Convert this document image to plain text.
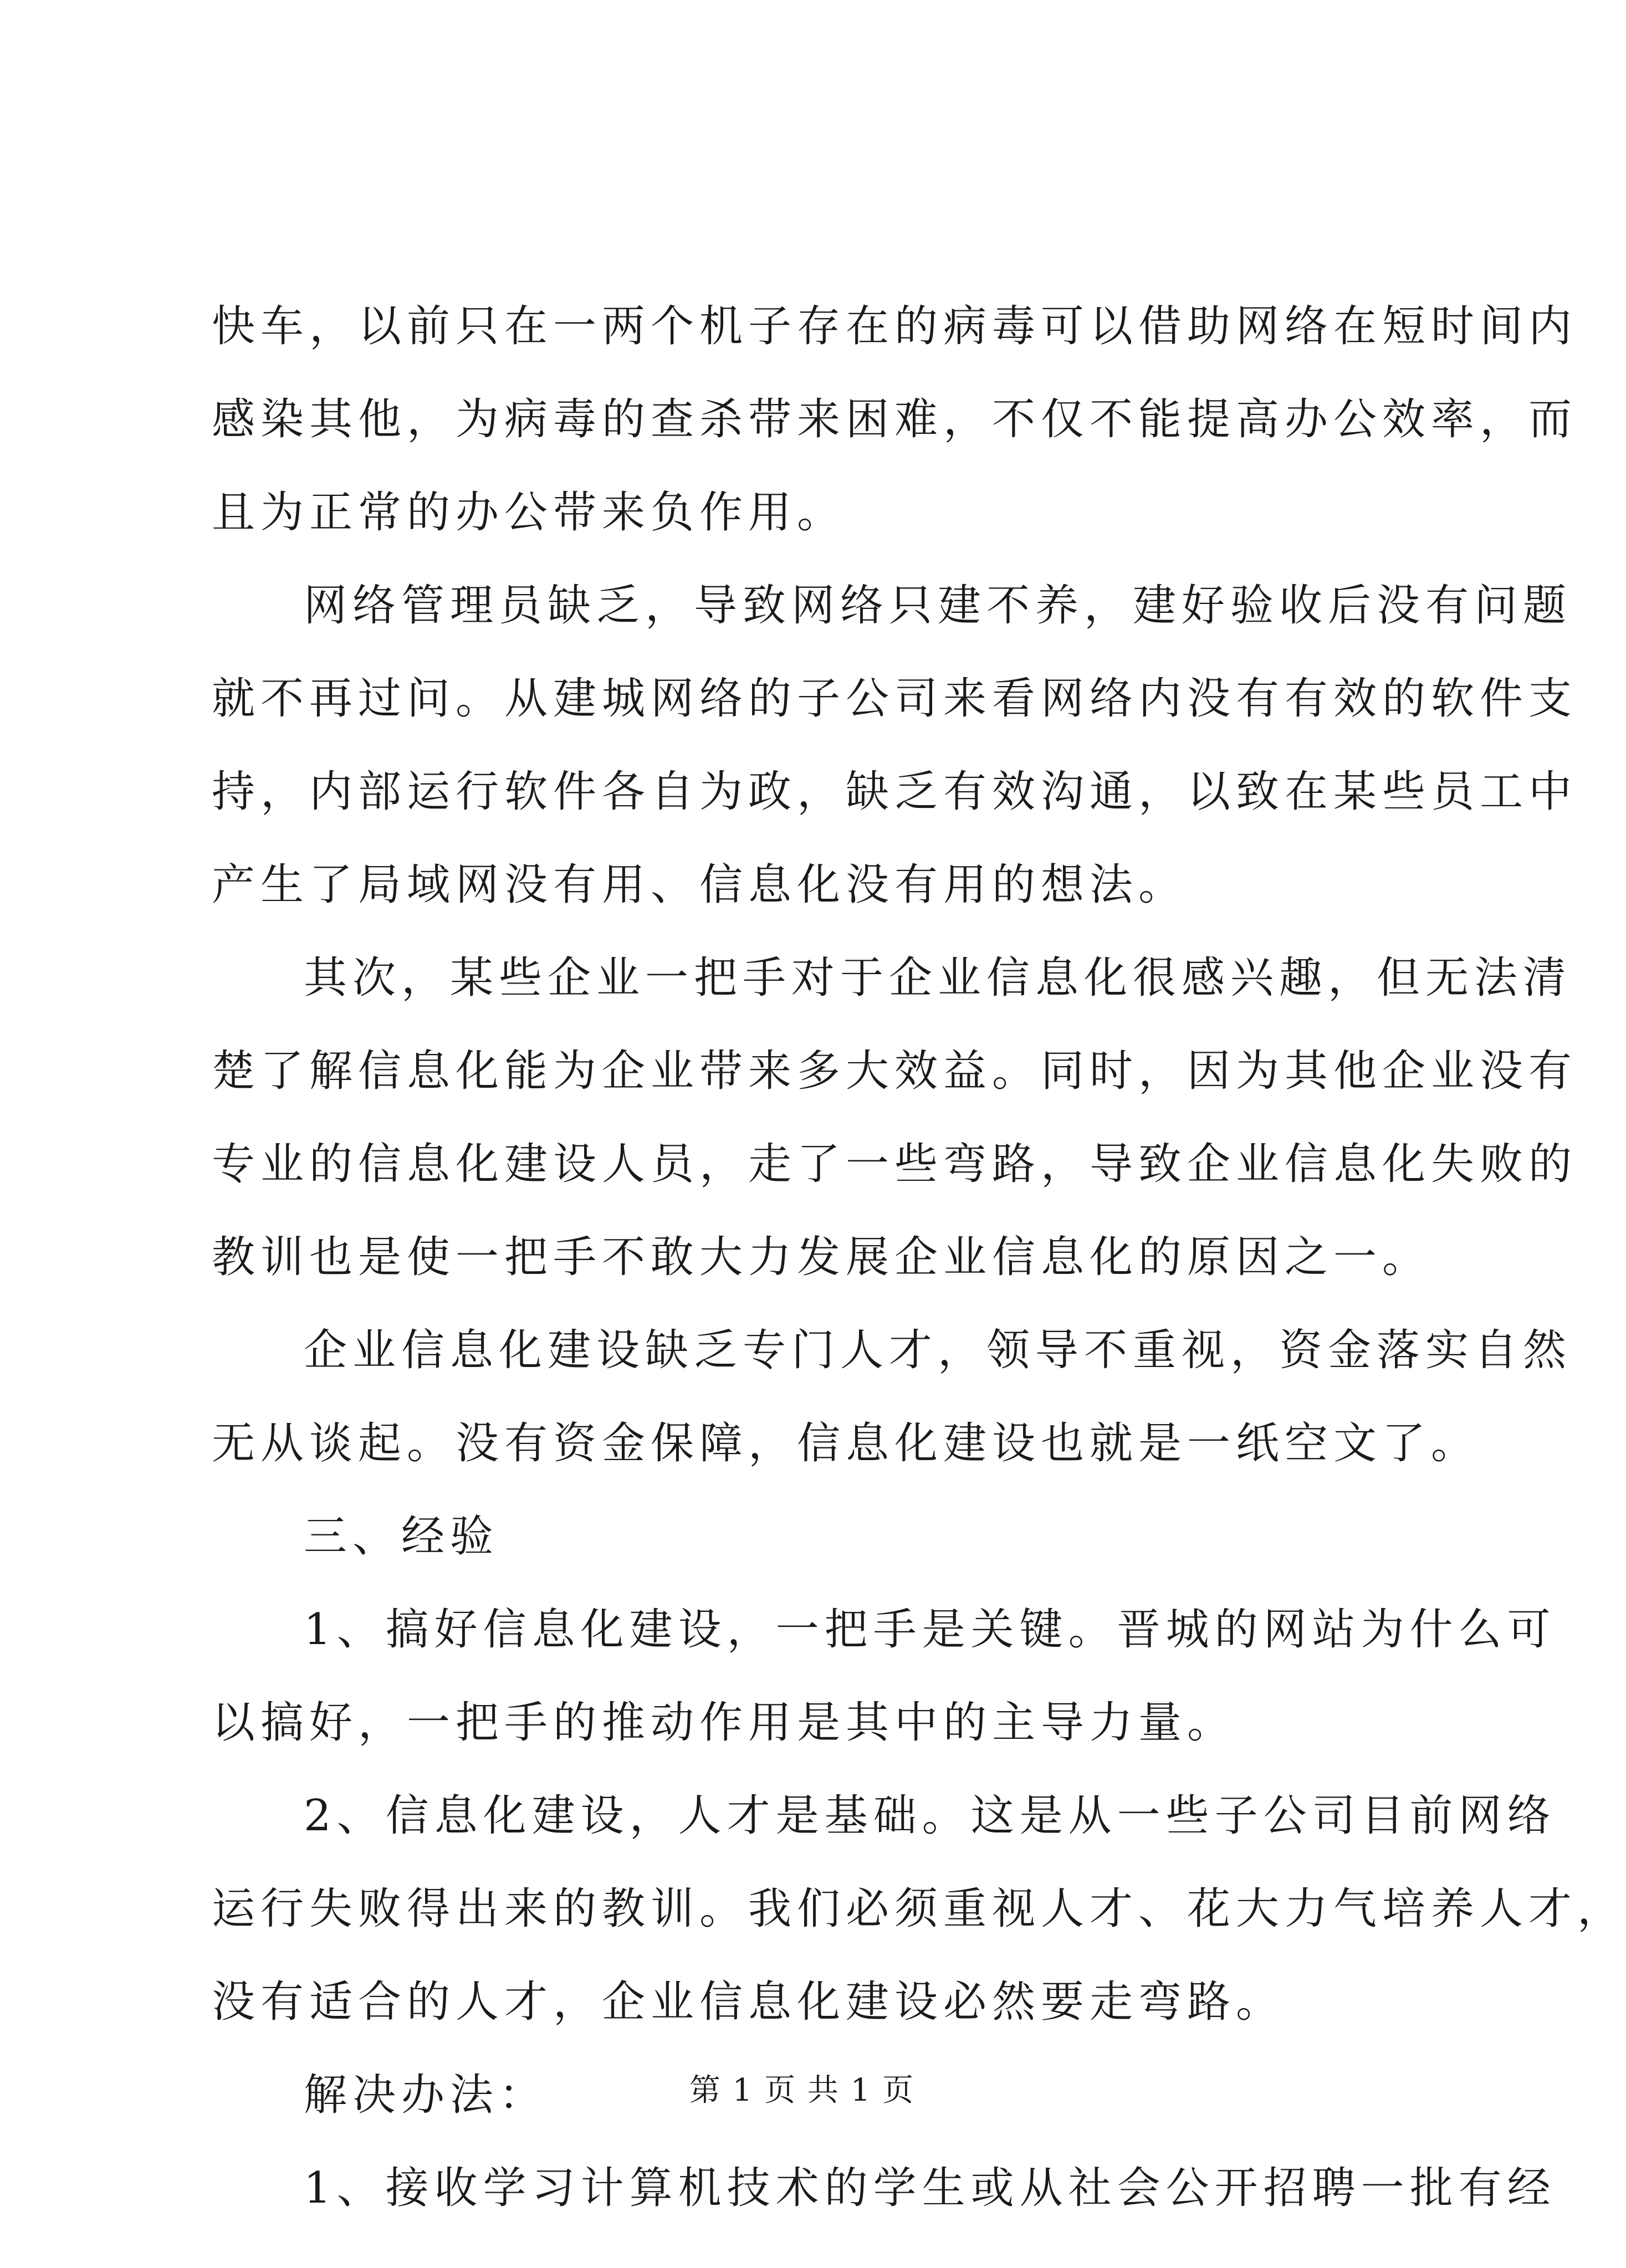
快车，以前只在一两个机子存在的病毒可以借助网络在短时间内
感染其他，为病毒的查杀带来困难，不仅不能提高办公效率，而
且为正常的办公带来负作用。
网络管理员缺乏，导致网络只建不养，建好验收后没有问题
就不再过问。从建城网络的子公司来看网络内没有有效的软件支
持，内部运行软件各自为政，缺乏有效沟通，以致在某些员工中
产生了局域网没有用、信息化没有用的想法。
其次，某些企业一把手对于企业信息化很感兴趣，但无法清
楚了解信息化能为企业带来多大效益。同时，因为其他企业没有
专业的信息化建设人员，走了一些弯路，导致企业信息化失败的
教训也是使一把手不敢大力发展企业信息化的原因之一。
企业信息化建设缺乏专门人才，领导不重视，资金落实自然
无从谈起。没有资金保障，信息化建设也就是一纸空文了。
三、经验
1、搞好信息化建设，一把手是关键。晋城的网站为什么可
以搞好，一把手的推动作用是其中的主导力量。
2、信息化建设，人才是基础。这是从一些子公司目前网络
运行失败得出来的教训。我们必须重视人才、花大力气培养人才，
没有适合的人才，企业信息化建设必然要走弯路。
解决办法：
1、接收学习计算机技术的学生或从社会公开招聘一批有经
第 1 页 共 1 页
